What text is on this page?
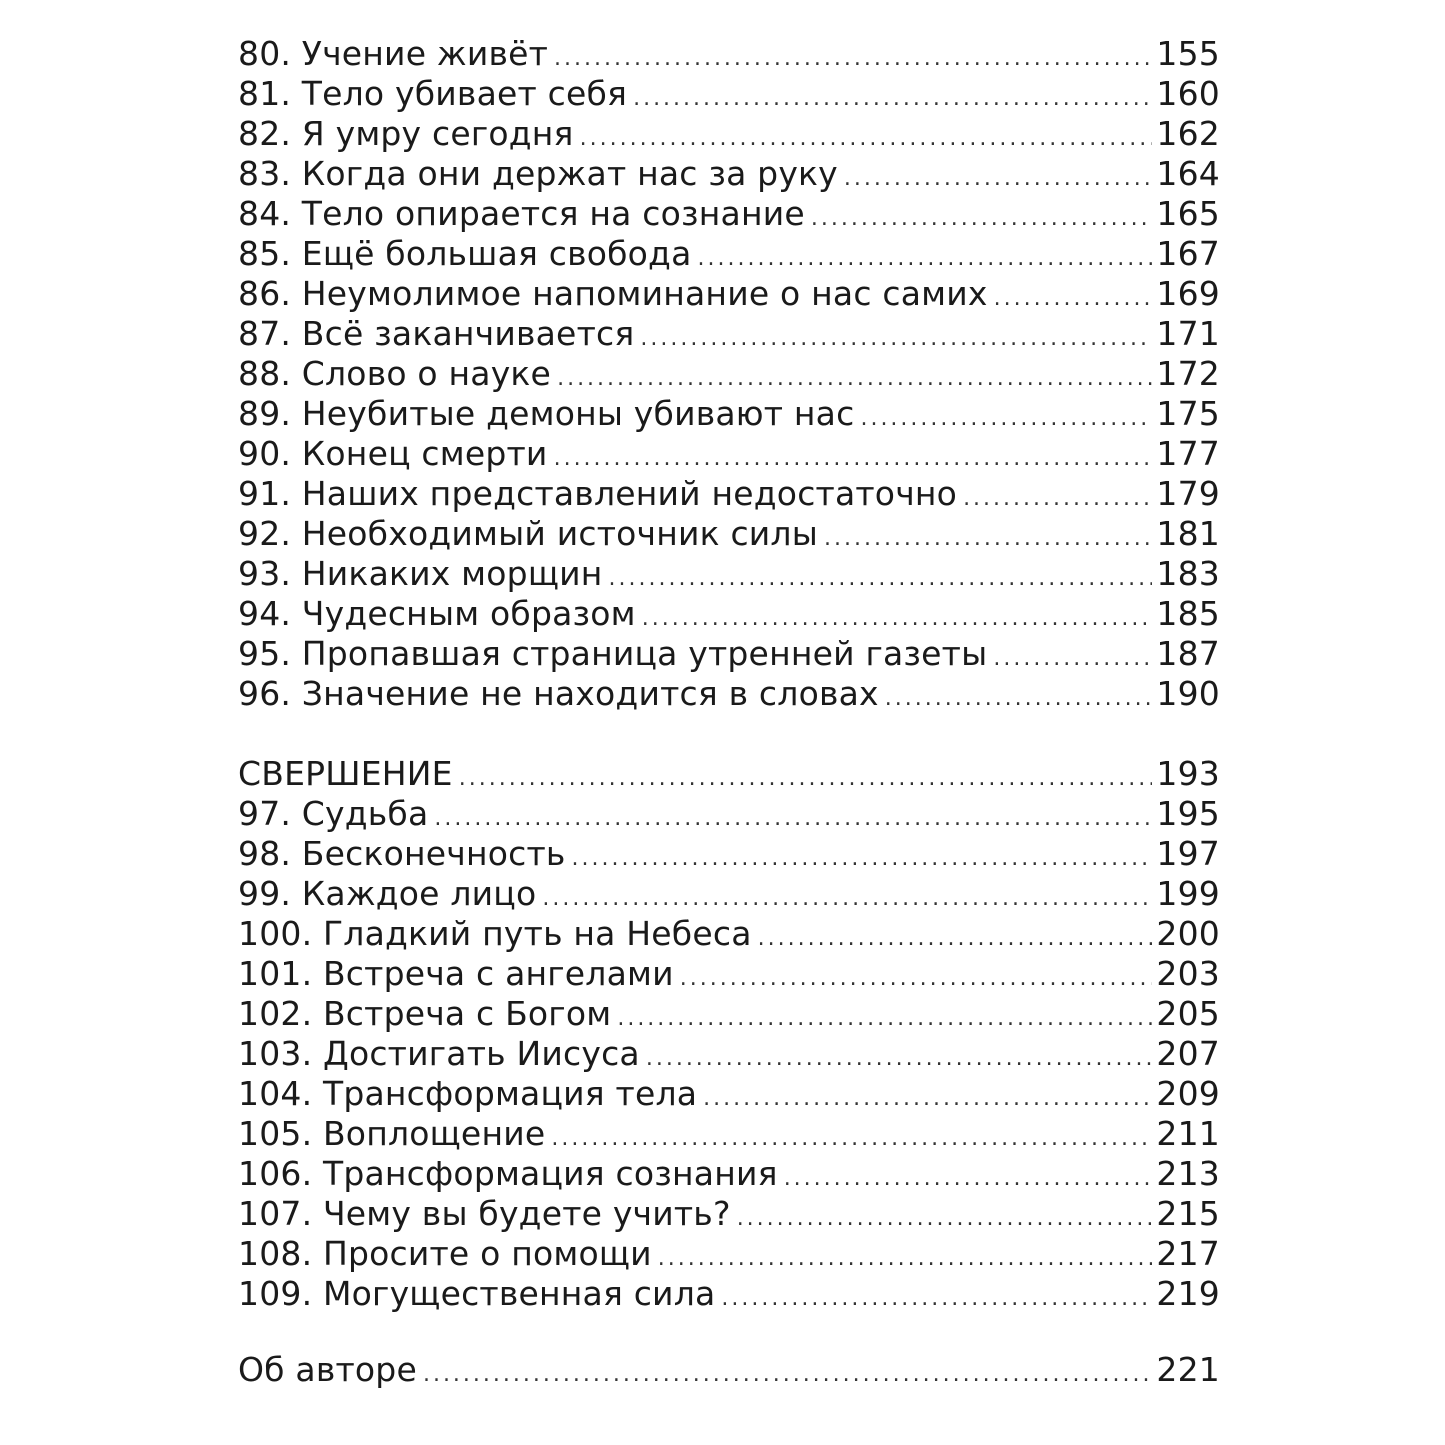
80. Учение живёт .....	155
81. Тело убивает себя .....	160
82. Я умру сегодня .....	162
83. Когда они держат нас за руку .....	164
84. Тело опирается на сознание .....	165
85. Ещё большая свобода .....	167
86. Неумолимое напоминание о нас самих .....	169
87. Всё заканчивается .....	171
88. Слово о науке .....	172
89. Неубитые демоны убивают нас .....	175
90. Конец смерти .....	177
91. Наших представлений недостаточно .....	179
92. Необходимый источник силы .....	181
93. Никаких морщин .....	183
94. Чудесным образом .....	185
95. Пропавшая страница утренней газеты .....	187
96. Значение не находится в словах .....	190
СВЕРШЕНИЕ .....	193
97. Судьба .....	195
98. Бесконечность .....	197
99. Каждое лицо .....	199
100. Гладкий путь на Небеса .....	200
101. Встреча с ангелами .....	203
102. Встреча с Богом .....	205
103. Достигать Иисуса .....	207
104. Трансформация тела .....	209
105. Воплощение .....	211
106. Трансформация сознания .....	213
107. Чему вы будете учить? .....	215
108. Просите о помощи .....	217
109. Могущественная сила .....	219
Об авторе .....	221
